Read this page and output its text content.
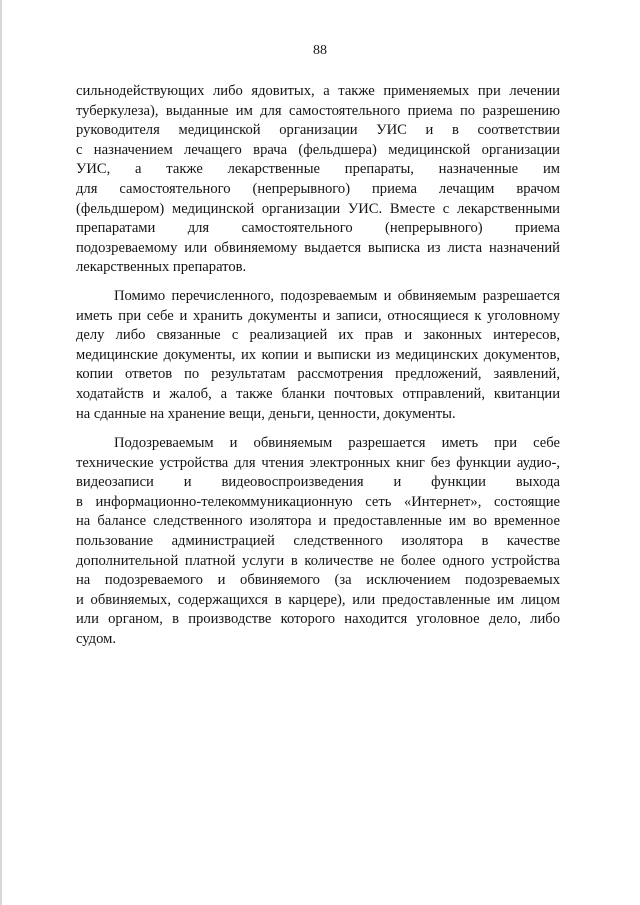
88
сильнодействующих либо ядовитых, а также применяемых при лечении
туберкулеза), выданные им для самостоятельного приема по разрешению
руководителя медицинской организации УИС и в соответствии
с назначением лечащего врача (фельдшера) медицинской организации
УИС, а также лекарственные препараты, назначенные им
для самостоятельного (непрерывного) приема лечащим врачом
(фельдшером) медицинской организации УИС. Вместе с лекарственными
препаратами для самостоятельного (непрерывного) приема
подозреваемому или обвиняемому выдается выписка из листа назначений
лекарственных препаратов.
Помимо перечисленного, подозреваемым и обвиняемым разрешается
иметь при себе и хранить документы и записи, относящиеся к уголовному
делу либо связанные с реализацией их прав и законных интересов,
медицинские документы, их копии и выписки из медицинских документов,
копии ответов по результатам рассмотрения предложений, заявлений,
ходатайств и жалоб, а также бланки почтовых отправлений, квитанции
на сданные на хранение вещи, деньги, ценности, документы.
Подозреваемым и обвиняемым разрешается иметь при себе
технические устройства для чтения электронных книг без функции аудио-,
видеозаписи и видеовоспроизведения и функции выхода
в информационно-телекоммуникационную сеть «Интернет», состоящие
на балансе следственного изолятора и предоставленные им во временное
пользование администрацией следственного изолятора в качестве
дополнительной платной услуги в количестве не более одного устройства
на подозреваемого и обвиняемого (за исключением подозреваемых
и обвиняемых, содержащихся в карцере), или предоставленные им лицом
или органом, в производстве которого находится уголовное дело, либо
судом.
